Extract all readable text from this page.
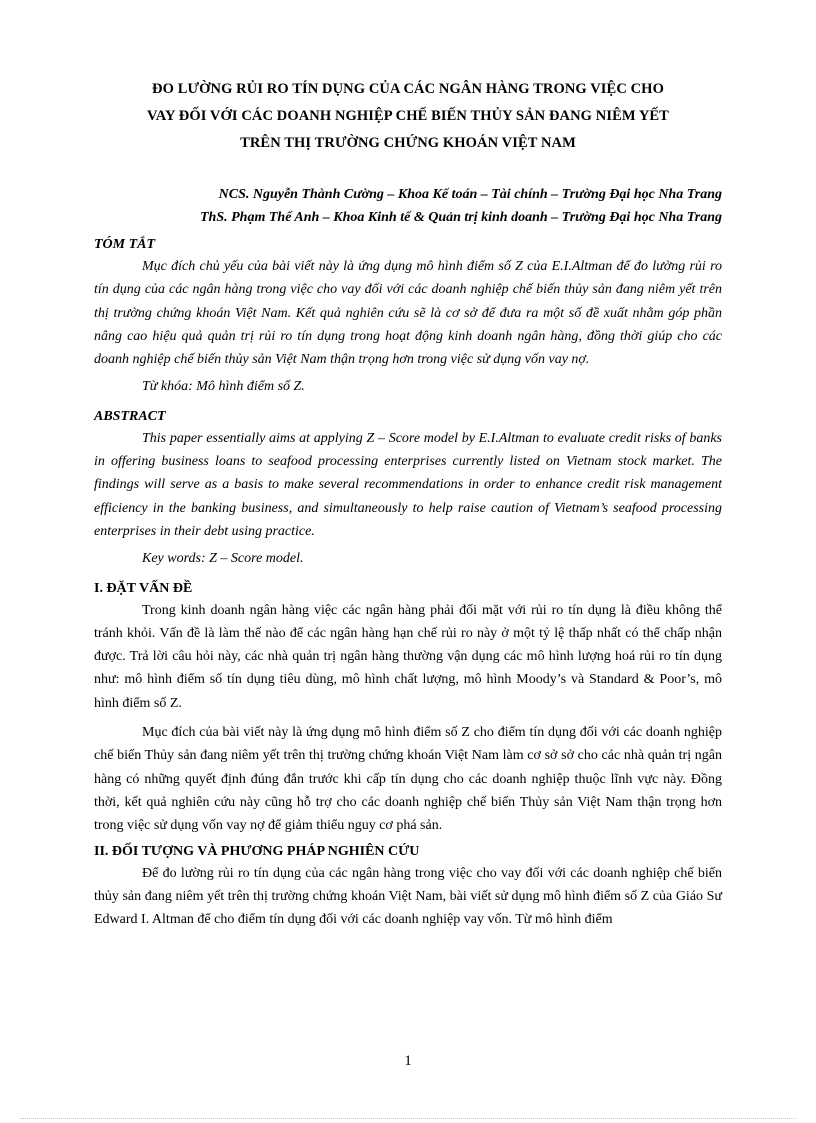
ĐO LƯỜNG RỦI RO TÍN DỤNG CỦA CÁC NGÂN HÀNG TRONG VIỆC CHO
VAY ĐỐI VỚI CÁC DOANH NGHIỆP CHẾ BIẾN THỦY SẢN ĐANG NIÊM YẾT
TRÊN THỊ TRƯỜNG CHỨNG KHOÁN VIỆT NAM
NCS. Nguyễn Thành Cường – Khoa Kế toán – Tài chính – Trường Đại học Nha Trang
ThS. Phạm Thế Anh – Khoa Kinh tế & Quản trị kinh doanh – Trường Đại học Nha Trang
TÓM TẮT

Mục đích chủ yếu của bài viết này là ứng dụng mô hình điểm số Z của E.I.Altman để đo lường rủi ro tín dụng của các ngân hàng trong việc cho vay đối với các doanh nghiệp chế biến thủy sản đang niêm yết trên thị trường chứng khoán Việt Nam. Kết quả nghiên cứu sẽ là cơ sở để đưa ra một số đề xuất nhằm góp phần nâng cao hiệu quả quản trị rủi ro tín dụng trong hoạt động kinh doanh ngân hàng, đồng thời giúp cho các doanh nghiệp chế biến thủy sản Việt Nam thận trọng hơn trong việc sử dụng vốn vay nợ.

Từ khóa: Mô hình điểm số Z.

ABSTRACT

This paper essentially aims at applying Z – Score model by E.I.Altman to evaluate credit risks of banks in offering business loans to seafood processing enterprises currently listed on Vietnam stock market. The findings will serve as a basis to make several recommendations in order to enhance credit risk management efficiency in the banking business, and simultaneously to help raise caution of Vietnam’s seafood processing enterprises in their debt using practice.

Key words: Z – Score model.

I. ĐẶT VẤN ĐỀ

Trong kinh doanh ngân hàng việc các ngân hàng phải đối mặt với rủi ro tín dụng là điều không thể tránh khỏi. Vấn đề là làm thế nào để các ngân hàng hạn chế rủi ro này ở một tỷ lệ thấp nhất có thể chấp nhận được. Trả lời câu hỏi này, các nhà quản trị ngân hàng thường vận dụng các mô hình lượng hoá rủi ro tín dụng như: mô hình điểm số tín dụng tiêu dùng, mô hình chất lượng, mô hình Moody’s và Standard & Poor’s, mô hình điểm số Z.

Mục đích của bài viết này là ứng dụng mô hình điểm số Z cho điểm tín dụng đối với các doanh nghiệp chế biến Thủy sản đang niêm yết trên thị trường chứng khoán Việt Nam làm cơ sở sở cho các nhà quản trị ngân hàng có những quyết định đúng đắn trước khi cấp tín dụng cho các doanh nghiệp thuộc lĩnh vực này. Đồng thời, kết quả nghiên cứu này cũng hỗ trợ cho các doanh nghiệp chế biến Thủy sản Việt Nam thận trọng hơn trong việc sử dụng vốn vay nợ để giảm thiểu nguy cơ phá sản.

II. ĐỐI TƯỢNG VÀ PHƯƠNG PHÁP NGHIÊN CỨU

Để đo lường rủi ro tín dụng của các ngân hàng trong việc cho vay đối với các doanh nghiệp chế biến thủy sản đang niêm yết trên thị trường chứng khoán Việt Nam, bài viết sử dụng mô hình điểm số Z của Giáo Sư Edward I. Altman để cho điểm tín dụng đối với các doanh nghiệp vay vốn. Từ mô hình điểm

1
